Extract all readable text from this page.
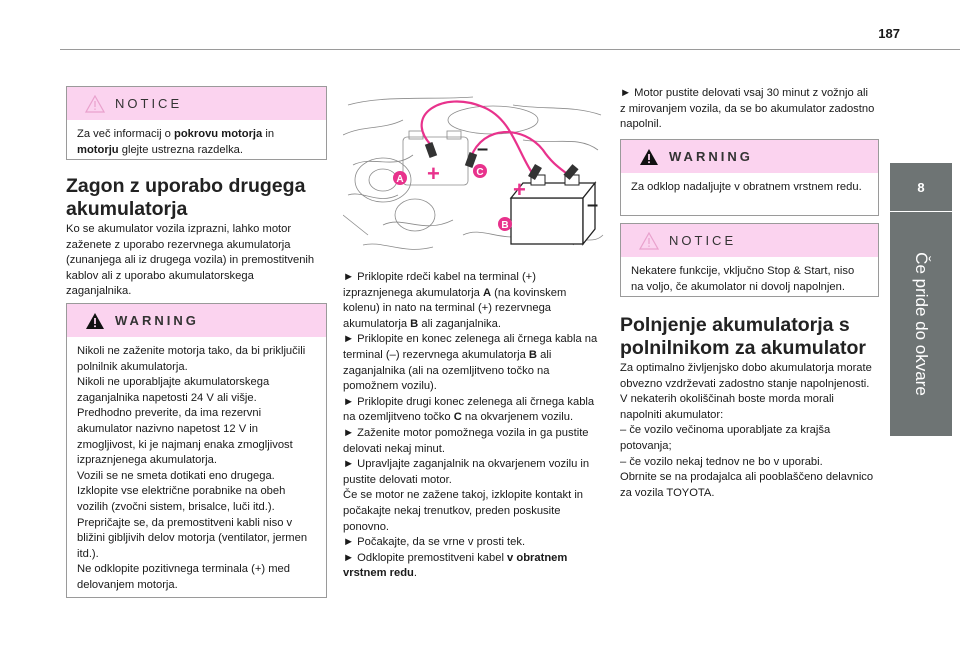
187
8
Če pride do okvare
NOTICE

Za več informacij o pokrovu motorja in motorju glejte ustrezna razdelka.

Zagon z uporabo drugega akumulatorja
Ko se akumulator vozila izprazni, lahko motor zaženete z uporabo rezervnega akumulatorja (zunanjega ali iz drugega vozila) in premostitvenih kablov ali z uporabo akumulatorskega zaganjalnika.
WARNING

Nikoli ne zaženite motorja tako, da bi priključili polnilnik akumulatorja.

Nikoli ne uporabljajte akumulatorskega zaganjalnika napetosti 24 V ali višje.

Predhodno preverite, da ima rezervni akumulator nazivno napetost 12 V in zmogljivost, ki je najmanj enaka zmogljivost izpraznjenega akumulatorja.

Vozili se ne smeta dotikati eno drugega.

Izklopite vse električne porabnike na obeh vozilih (zvočni sistem, brisalce, luči itd.).

Prepričajte se, da premostitveni kabli niso v bližini gibljivih delov motorja (ventilator, jermen itd.).

Ne odklopite pozitivnega terminala (+) med delovanjem motorja.

+
+
–
–
A
C
B

► Priklopite rdeči kabel na terminal (+) izpraznjenega akumulatorja A (na kovinskem kolenu) in nato na terminal (+) rezervnega akumulatorja B ali zaganjalnika.

► Priklopite en konec zelenega ali črnega kabla na terminal (–) rezervnega akumulatorja B ali zaganjalnika (ali na ozemljitveno točko na pomožnem vozilu).

► Priklopite drugi konec zelenega ali črnega kabla na ozemljitveno točko C na okvarjenem vozilu.

► Zaženite motor pomožnega vozila in ga pustite delovati nekaj minut.

► Upravljajte zaganjalnik na okvarjenem vozilu in pustite delovati motor.

Če se motor ne zažene takoj, izklopite kontakt in počakajte nekaj trenutkov, preden poskusite ponovno.

► Počakajte, da se vrne v prosti tek.

► Odklopite premostitveni kabel v obratnem vrstnem redu.

► Motor pustite delovati vsaj 30 minut z vožnjo ali z mirovanjem vozila, da se bo akumulator zadostno napolnil.
WARNING
Za odklop nadaljujte v obratnem vrstnem redu.
NOTICE
Nekatere funkcije, vključno Stop & Start, niso na voljo, če akumolator ni dovolj napolnjen.
Polnjenje akumulatorja s polnilnikom za akumulator

Za optimalno življenjsko dobo akumulatorja morate obvezno vzdrževati zadostno stanje napolnjenosti.

V nekaterih okoliščinah boste morda morali napolniti akumulator:

– če vozilo večinoma uporabljate za krajša potovanja;

– če vozilo nekaj tednov ne bo v uporabi.

Obrnite se na prodajalca ali pooblaščeno delavnico za vozila TOYOTA.
